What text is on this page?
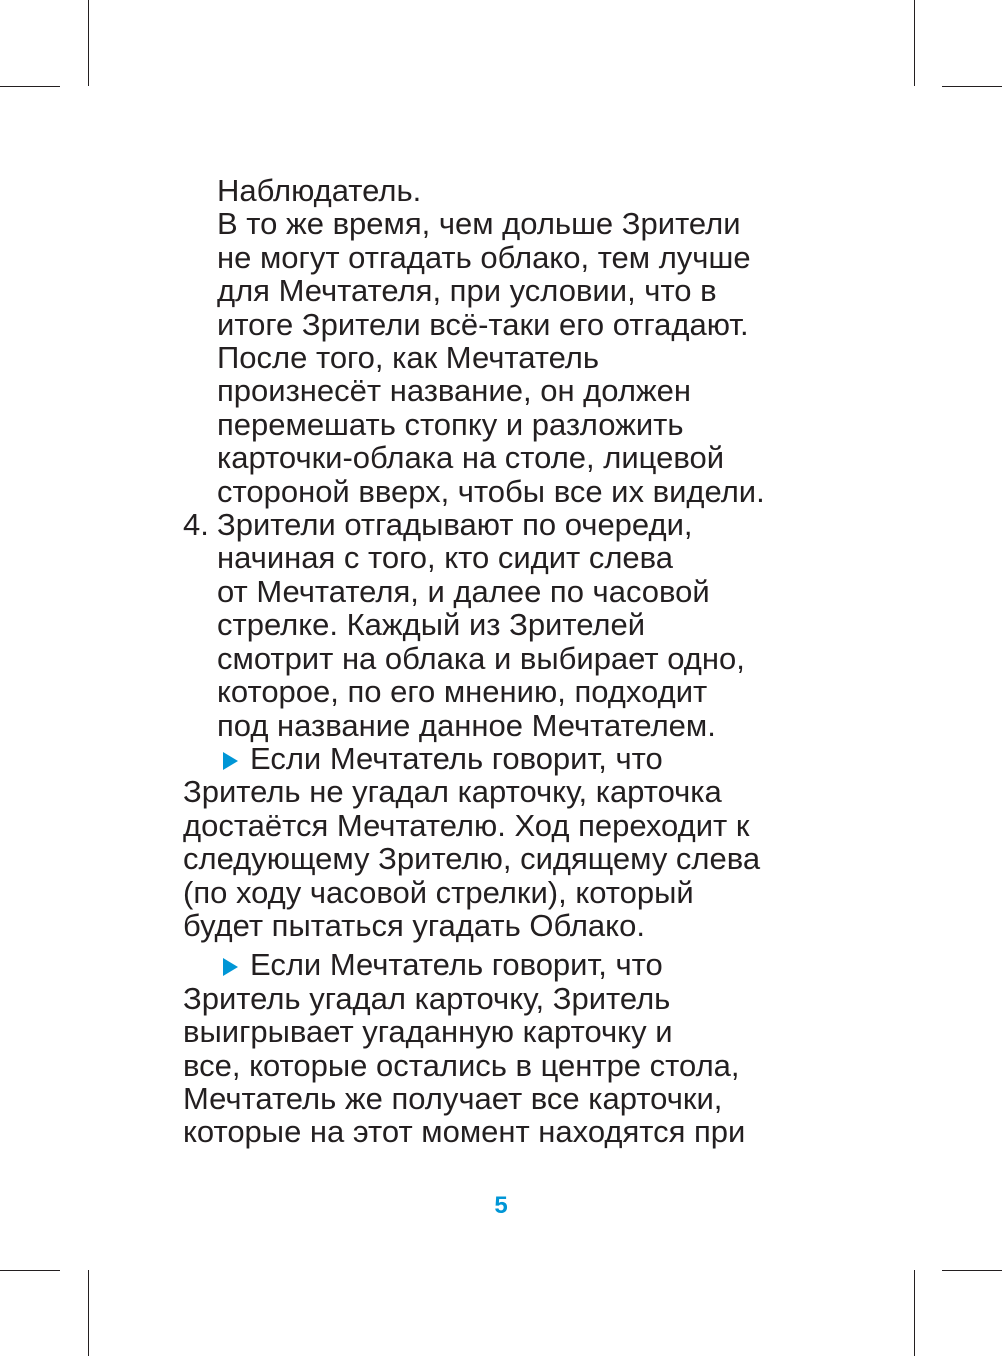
Наблюдатель.
В то же время, чем дольше Зрители
не могут отгадать облако, тем лучше
для Мечтателя, при условии, что в
итоге Зрители всё-таки его отгадают.
После того, как Мечтатель
произнесёт название, он должен
перемешать стопку и разложить
карточки-облака на столе, лицевой
стороной вверх, чтобы все их видели.
4. Зрители отгадывают по очереди,
начиная с того, кто сидит слева
от Мечтателя, и далее по часовой
стрелке. Каждый из Зрителей
смотрит на облака и выбирает одно,
которое, по его мнению, подходит
под название данное Мечтателем.
Если Мечтатель говорит, что
Зритель не угадал карточку, карточка
достаётся Мечтателю. Ход переходит к
следующему Зрителю, сидящему слева
(по ходу часовой стрелки), который
будет пытаться угадать Облако.
Если Мечтатель говорит, что
Зритель угадал карточку, Зритель
выигрывает угаданную карточку и
все, которые остались в центре стола,
Мечтатель же получает все карточки,
которые на этот момент находятся при
5
